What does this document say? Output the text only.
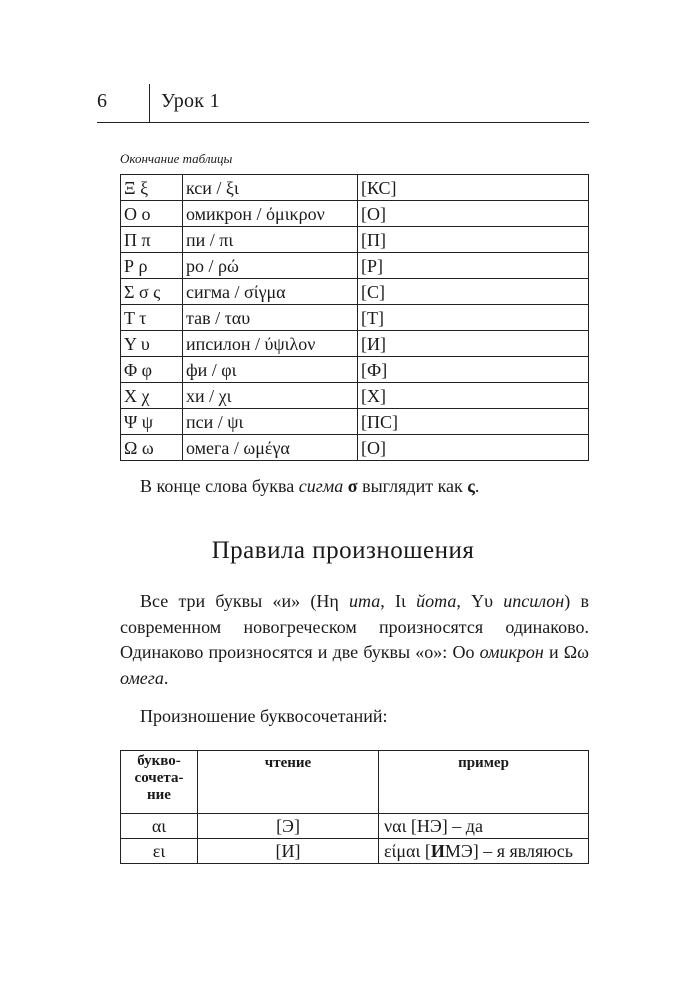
6	Урок 1
Окончание таблицы
Ξ ξ	кси / ξι	[КС]
Ο ο	омикрон / όμικρον	[О]
Π π	пи / πι	[П]
Ρ ρ	ро / ρώ	[Р]
Σ σ ς	сигма / σίγμα	[С]
Τ τ	тав / ταυ	[Т]
Υ υ	ипсилон / ύψιλον	[И]
Φ φ	фи / φι	[Ф]
Χ χ	хи / χι	[Х]
Ψ ψ	пси / ψι	[ПС]
Ω ω	омега / ωμέγα	[О]
В конце слова буква сигма σ выглядит как ς.
Правила произношения
Все три буквы «и» (Ηη ита, Ιι йота, Υυ ипсилон) в современном новогреческом произносятся одинаково. Одинаково произносятся и две буквы «о»: Οο омикрон и Ωω омега.
Произношение буквосочетаний:
букво-
сочета-
ние	чтение	пример
αι	[Э]	ναι [НЭ] – да
ει	[И]	είμαι [ИМЭ] – я являюсь
